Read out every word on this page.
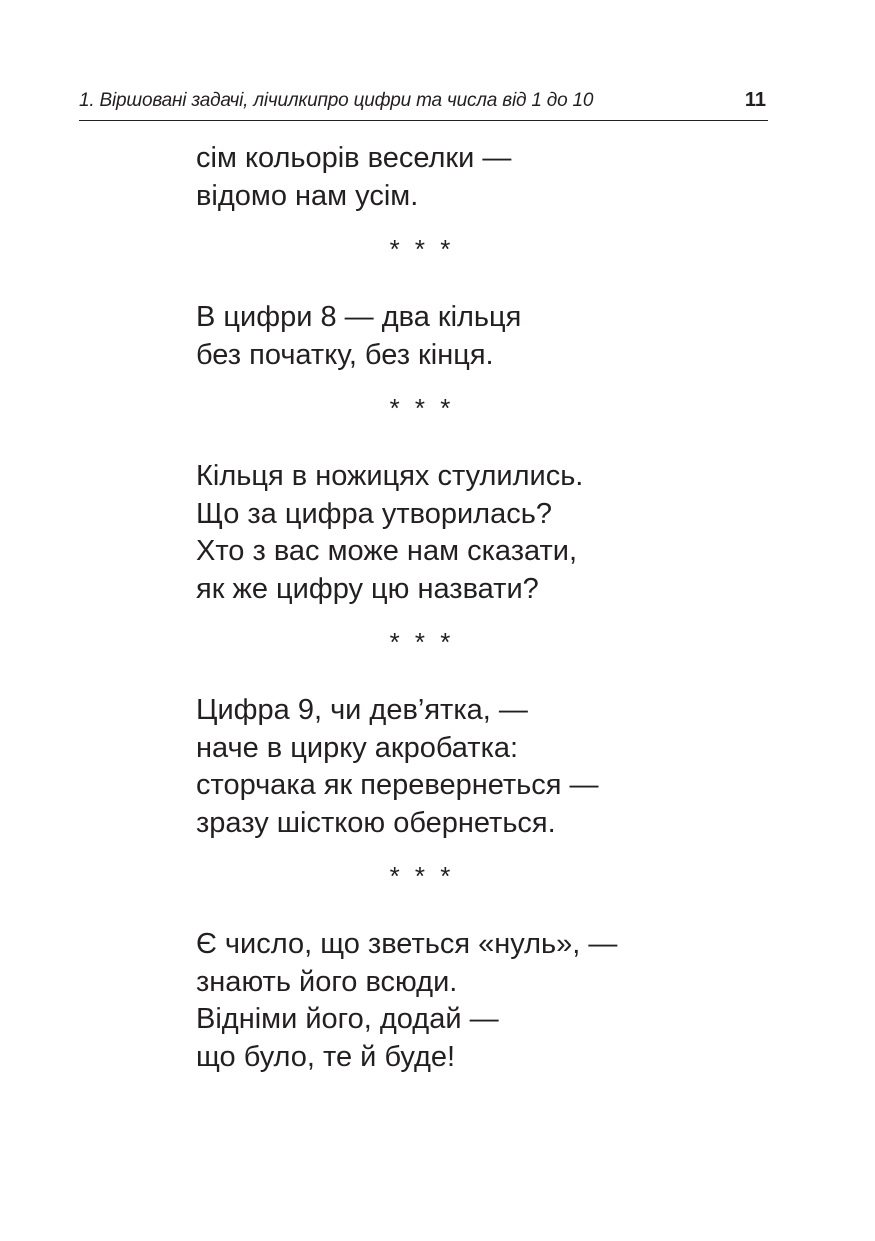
1. Віршовані задачі, лічилкипро цифри та числа від 1 до 10	11
сім кольорів веселки —
відомо нам усім.
* * *
В цифри 8 — два кільця
без початку, без кінця.
* * *
Кільця в ножицях стулились.
Що за цифра утворилась?
Хто з вас може нам сказати,
як же цифру цю назвати?
* * *
Цифра 9, чи дев’ятка, —
наче в цирку акробатка:
сторчака як перевернеться —
зразу шісткою обернеться.
* * *
Є число, що зветься «нуль», —
знають його всюди.
Відніми його, додай —
що було, те й буде!
